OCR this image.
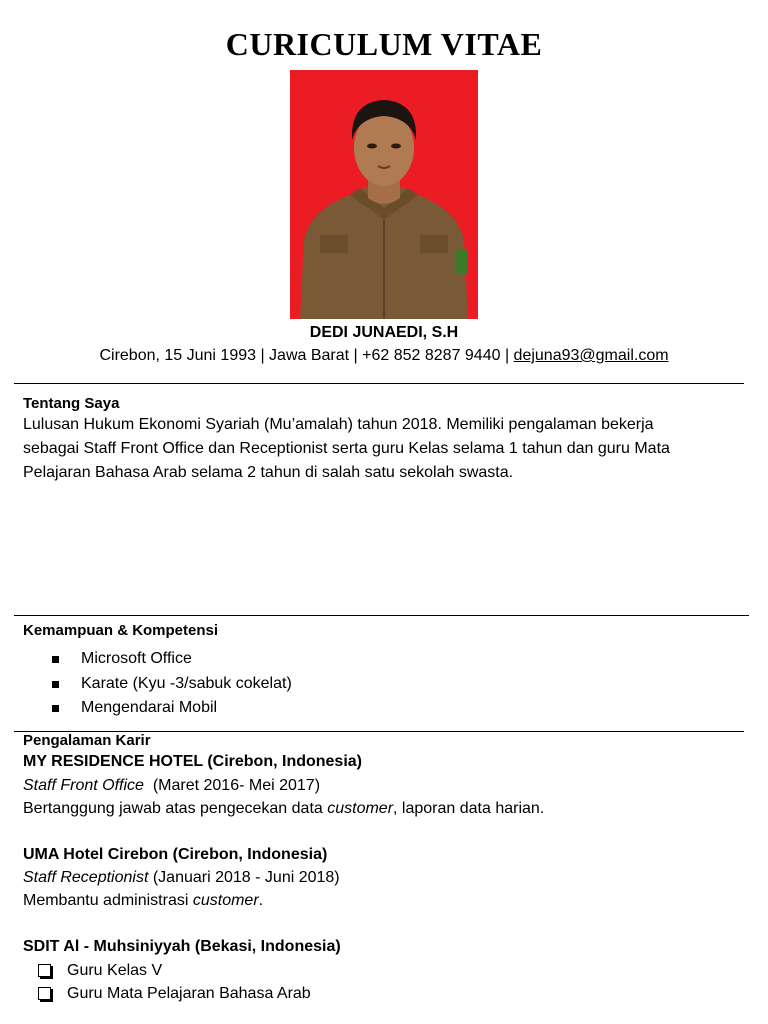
CURICULUM VITAE
DEDI JUNAEDI, S.H
Cirebon, 15 Juni 1993 | Jawa Barat | +62 852 8287 9440 | dejuna93@gmail.com
Tentang Saya
Lulusan Hukum Ekonomi Syariah (Mu’amalah) tahun 2018. Memiliki pengalaman bekerja
sebagai Staff Front Office dan Receptionist serta guru Kelas selama 1 tahun dan guru Mata
Pelajaran Bahasa Arab selama 2 tahun di salah satu sekolah swasta.
Kemampuan & Kompetensi
Microsoft Office
Karate (Kyu -3/sabuk cokelat)
Mengendarai Mobil
Pengalaman Karir
MY RESIDENCE HOTEL (Cirebon, Indonesia)
Staff Front Office  (Maret 2016- Mei 2017)
Bertanggung jawab atas pengecekan data customer, laporan data harian.
UMA Hotel Cirebon (Cirebon, Indonesia)
Staff Receptionist (Januari 2018 - Juni 2018)
Membantu administrasi customer.
SDIT Al - Muhsiniyyah (Bekasi, Indonesia)
Guru Kelas V
Guru Mata Pelajaran Bahasa Arab
